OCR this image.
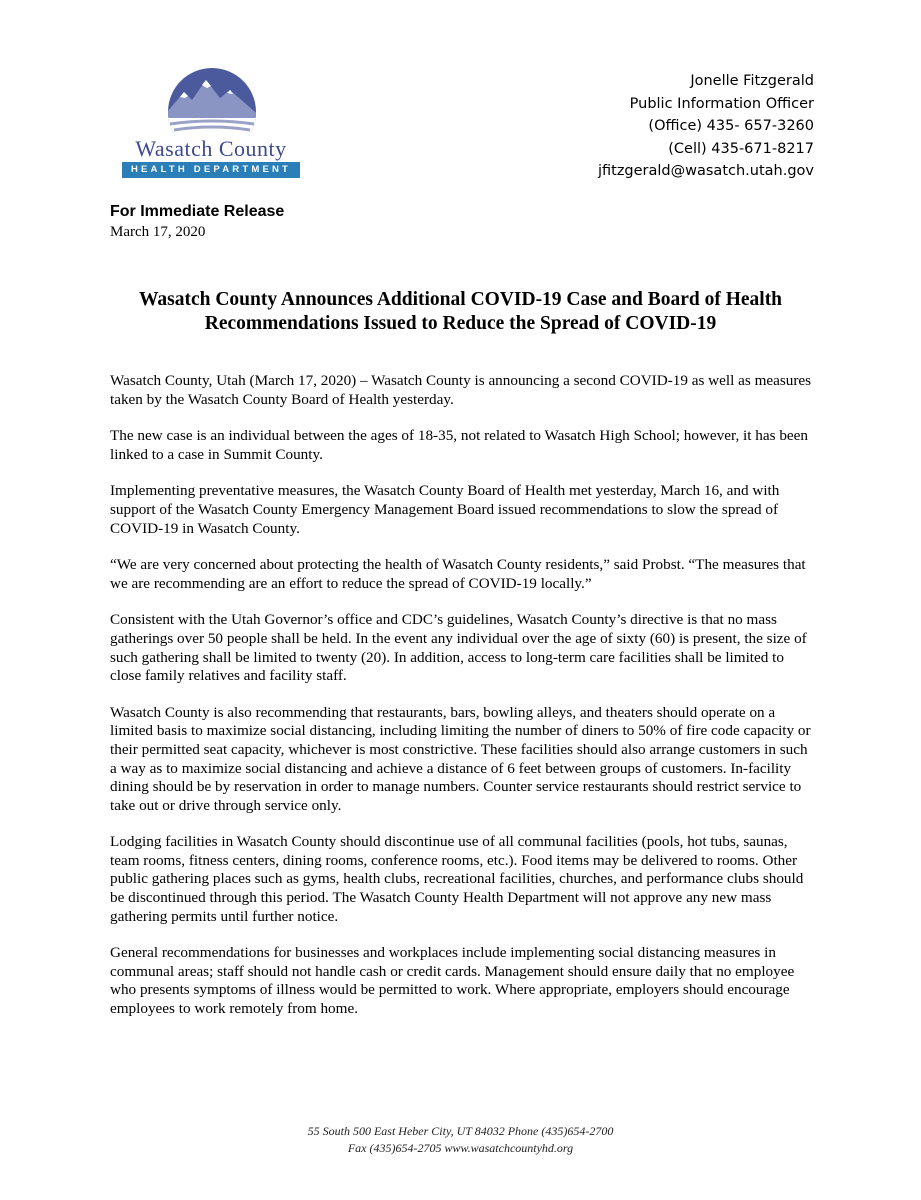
Wasatch County
HEALTH DEPARTMENT
Jonelle Fitzgerald
Public Information Officer
(Office) 435- 657-3260
(Cell) 435-671-8217
jfitzgerald@wasatch.utah.gov
For Immediate Release
March 17, 2020
Wasatch County Announces Additional COVID-19 Case and Board of Health
Recommendations Issued to Reduce the Spread of COVID-19

Wasatch County, Utah (March 17, 2020) – Wasatch County is announcing a second COVID-19 as well as measures taken by the Wasatch County Board of Health yesterday.

The new case is an individual between the ages of 18-35, not related to Wasatch High School; however, it has been linked to a case in Summit County.

Implementing preventative measures, the Wasatch County Board of Health met yesterday, March 16, and with support of the Wasatch County Emergency Management Board issued recommendations to slow the spread of COVID-19 in Wasatch County.

“We are very concerned about protecting the health of Wasatch County residents,” said Probst. “The measures that we are recommending are an effort to reduce the spread of COVID-19 locally.”

Consistent with the Utah Governor’s office and CDC’s guidelines, Wasatch County’s directive is that no mass gatherings over 50 people shall be held. In the event any individual over the age of sixty (60) is present, the size of such gathering shall be limited to twenty (20). In addition, access to long-term care facilities shall be limited to close family relatives and facility staff.

Wasatch County is also recommending that restaurants, bars, bowling alleys, and theaters should operate on a limited basis to maximize social distancing, including limiting the number of diners to 50% of fire code capacity or their permitted seat capacity, whichever is most constrictive. These facilities should also arrange customers in such a way as to maximize social distancing and achieve a distance of 6 feet between groups of customers. In-facility dining should be by reservation in order to manage numbers. Counter service restaurants should restrict service to take out or drive through service only.

Lodging facilities in Wasatch County should discontinue use of all communal facilities (pools, hot tubs, saunas, team rooms, fitness centers, dining rooms, conference rooms, etc.). Food items may be delivered to rooms. Other public gathering places such as gyms, health clubs, recreational facilities, churches, and performance clubs should be discontinued through this period. The Wasatch County Health Department will not approve any new mass gathering permits until further notice.

General recommendations for businesses and workplaces include implementing social distancing measures in communal areas; staff should not handle cash or credit cards. Management should ensure daily that no employee who presents symptoms of illness would be permitted to work. Where appropriate, employers should encourage employees to work remotely from home.

55 South 500 East Heber City, UT 84032 Phone (435)654-2700
Fax (435)654-2705 www.wasatchcountyhd.org
